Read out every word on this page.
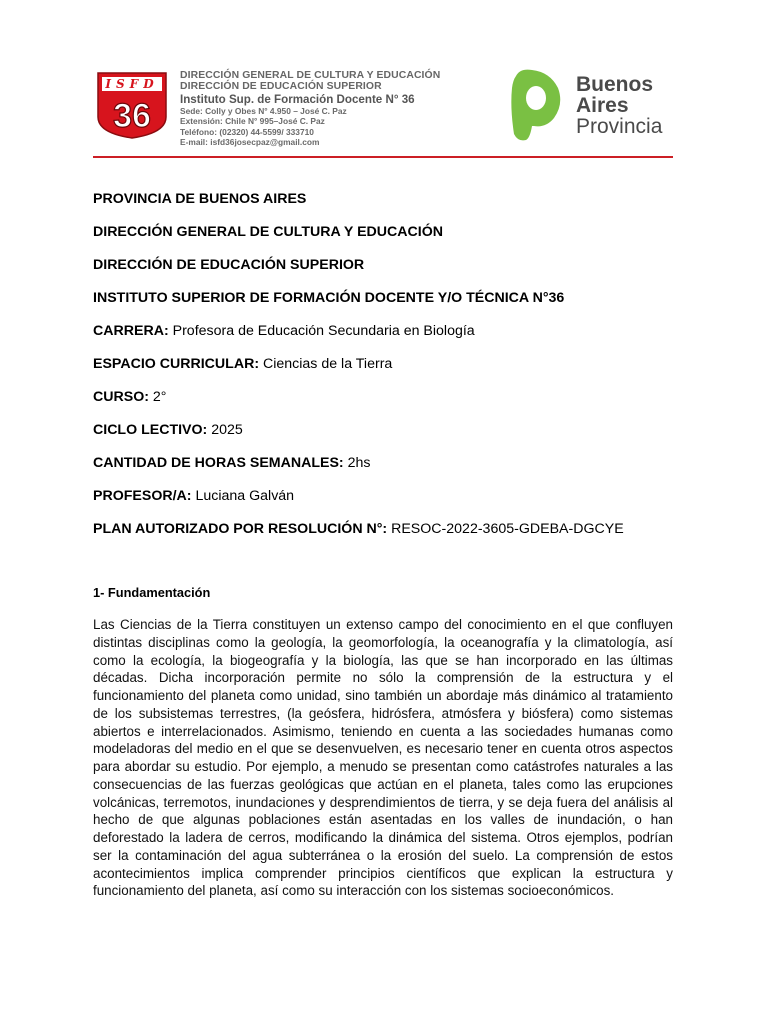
ISFD
36
DIRECCIÓN GENERAL DE CULTURA Y EDUCACIÓN
DIRECCIÓN DE EDUCACIÓN SUPERIOR
Instituto Sup. de Formación Docente N° 36
Sede: Colly y Obes N° 4.950 – José C. Paz
Extensión: Chile N° 995–José C. Paz
Teléfono: (02320) 44-5599/ 333710
E-mail: isfd36josecpaz@gmail.com
Buenos
Aires
Provincia
PROVINCIA DE BUENOS AIRES
DIRECCIÓN GENERAL DE CULTURA Y EDUCACIÓN
DIRECCIÓN DE EDUCACIÓN SUPERIOR
INSTITUTO SUPERIOR DE FORMACIÓN DOCENTE Y/O TÉCNICA N°36
CARRERA: Profesora de Educación Secundaria en Biología
ESPACIO CURRICULAR: Ciencias de la Tierra
CURSO: 2°
CICLO LECTIVO: 2025
CANTIDAD DE HORAS SEMANALES: 2hs
PROFESOR/A: Luciana Galván
PLAN AUTORIZADO POR RESOLUCIÓN N°: RESOC-2022-3605-GDEBA-DGCYE
1- Fundamentación
Las Ciencias de la Tierra constituyen un extenso campo del conocimiento en el que confluyen distintas disciplinas como la geología, la geomorfología, la oceanografía y la climatología, así como la ecología, la biogeografía y la biología, las que se han incorporado en las últimas décadas. Dicha incorporación permite no sólo la comprensión de la estructura y el funcionamiento del planeta como unidad, sino también un abordaje más dinámico al tratamiento de los subsistemas terrestres, (la geósfera, hidrósfera, atmósfera y biósfera) como sistemas abiertos e interrelacionados. Asimismo, teniendo en cuenta a las sociedades humanas como modeladoras del medio en el que se desenvuelven, es necesario tener en cuenta otros aspectos para abordar su estudio. Por ejemplo, a menudo se presentan como catástrofes naturales a las consecuencias de las fuerzas geológicas que actúan en el planeta, tales como las erupciones volcánicas, terremotos, inundaciones y desprendimientos de tierra, y se deja fuera del análisis al hecho de que algunas poblaciones están asentadas en los valles de inundación, o han deforestado la ladera de cerros, modificando la dinámica del sistema. Otros ejemplos, podrían ser la contaminación del agua subterránea o la erosión del suelo. La comprensión de estos acontecimientos implica comprender principios científicos que explican la estructura y funcionamiento del planeta, así como su interacción con los sistemas socioeconómicos.
